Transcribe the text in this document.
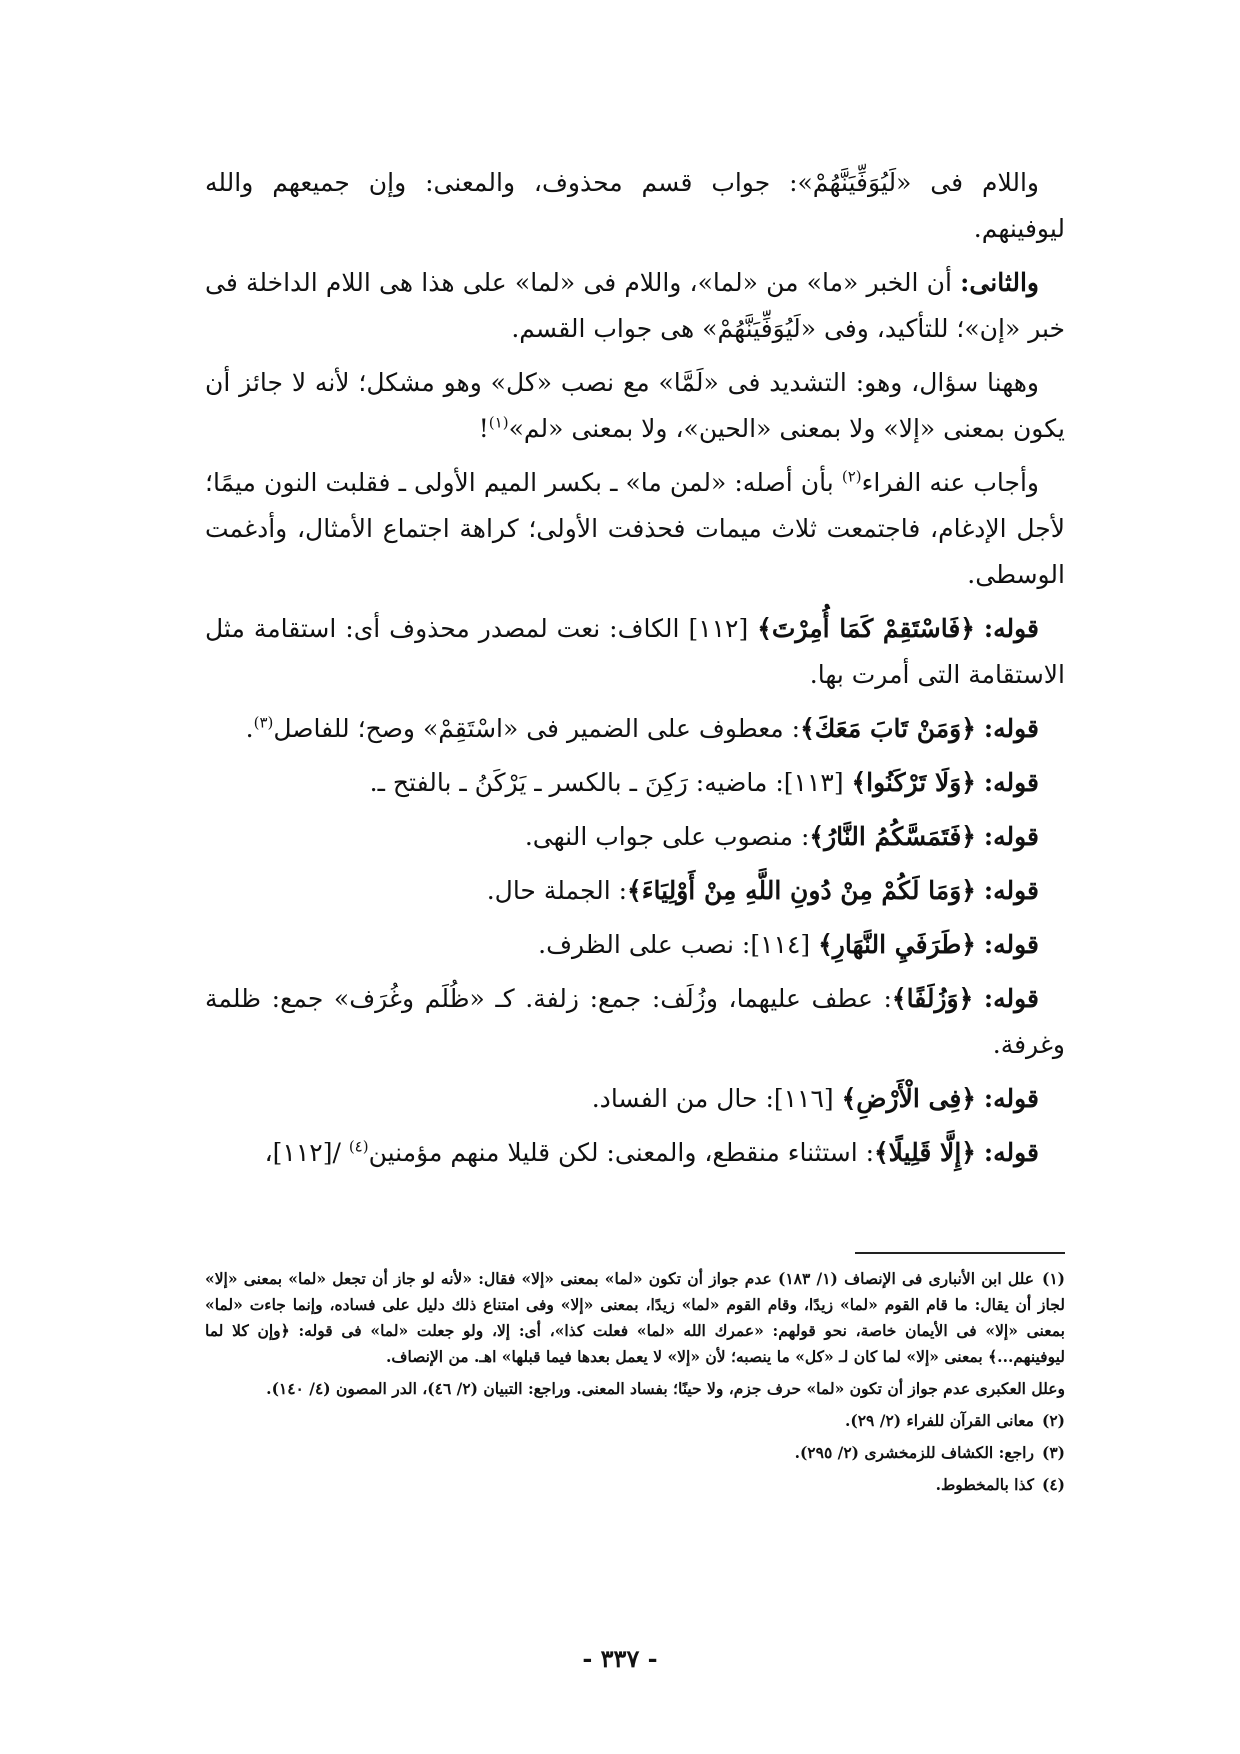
واللام فى «لَيُوَفِّيَنَّهُمْ»: جواب قسم محذوف، والمعنى: وإن جميعهم والله ليوفينهم.

والثانى: أن الخبر «ما» من «لما»، واللام فى «لما» على هذا هى اللام الداخلة فى خبر «إن»؛ للتأكيد، وفى «لَيُوَفِّيَنَّهُمْ» هى جواب القسم.

وههنا سؤال، وهو: التشديد فى «لَمَّا» مع نصب «كل» وهو مشكل؛ لأنه لا جائز أن يكون بمعنى «إلا» ولا بمعنى «الحين»، ولا بمعنى «لم»$^{(١)}$!

وأجاب عنه الفراء$^{(٢)}$ بأن أصله: «لمن ما» ـ بكسر الميم الأولى ـ فقلبت النون ميمًا؛ لأجل الإدغام، فاجتمعت ثلاث ميمات فحذفت الأولى؛ كراهة اجتماع الأمثال، وأدغمت الوسطى.

قوله: ﴿فَاسْتَقِمْ كَمَا أُمِرْتَ﴾ [١١٢] الكاف: نعت لمصدر محذوف أى: استقامة مثل الاستقامة التى أمرت بها.

قوله: ﴿وَمَنْ تَابَ مَعَكَ﴾: معطوف على الضمير فى «اسْتَقِمْ» وصح؛ للفاصل$^{(٣)}$.

قوله: ﴿وَلَا تَرْكَنُوا﴾ [١١٣]: ماضيه: رَكِنَ ـ بالكسر ـ يَرْكَنُ ـ بالفتح ـ.

قوله: ﴿فَتَمَسَّكُمُ النَّارُ﴾: منصوب على جواب النهى.

قوله: ﴿وَمَا لَكُمْ مِنْ دُونِ اللَّهِ مِنْ أَوْلِيَاءَ﴾: الجملة حال.

قوله: ﴿طَرَفَيِ النَّهَارِ﴾ [١١٤]: نصب على الظرف.

قوله: ﴿وَزُلَفًا﴾: عطف عليهما، وزُلَف: جمع: زلفة. كـ «ظُلَم وغُرَف» جمع: ظلمة وغرفة.

قوله: ﴿فِى الْأَرْضِ﴾ [١١٦]: حال من الفساد.

قوله: ﴿إِلَّا قَلِيلًا﴾: استثناء منقطع، والمعنى: لكن قليلا منهم مؤمنين$^{(٤)}$ /[١١٢]،

(١)علل ابن الأنبارى فى الإنصاف (١/ ١٨٣) عدم جواز أن تكون «لما» بمعنى «إلا» فقال: «لأنه لو جاز أن تجعل «لما» بمعنى «إلا» لجاز أن يقال: ما قام القوم «لما» زيدًا، وقام القوم «لما» زيدًا، بمعنى «إلا» وفى امتناع ذلك دليل على فساده، وإنما جاءت «لما» بمعنى «إلا» فى الأيمان خاصة، نحو قولهم: «عمرك الله «لما» فعلت كذا»، أى: إلا، ولو جعلت «لما» فى قوله: ﴿وإن كلا لما ليوفينهم...﴾ بمعنى «إلا» لما كان لـ «كل» ما ينصبه؛ لأن «إلا» لا يعمل بعدها فيما قبلها» اهـ. من الإنصاف.

وعلل العكبرى عدم جواز أن تكون «لما» حرف جزم، ولا حينًا؛ بفساد المعنى. وراجع: التبيان (٢/ ٤٦)، الدر المصون (٤/ ١٤٠).

(٢)معانى القرآن للفراء (٢/ ٢٩).

(٣)راجع: الكشاف للزمخشرى (٢/ ٢٩٥).

(٤)كذا بالمخطوط.

- ٣٣٧ -
